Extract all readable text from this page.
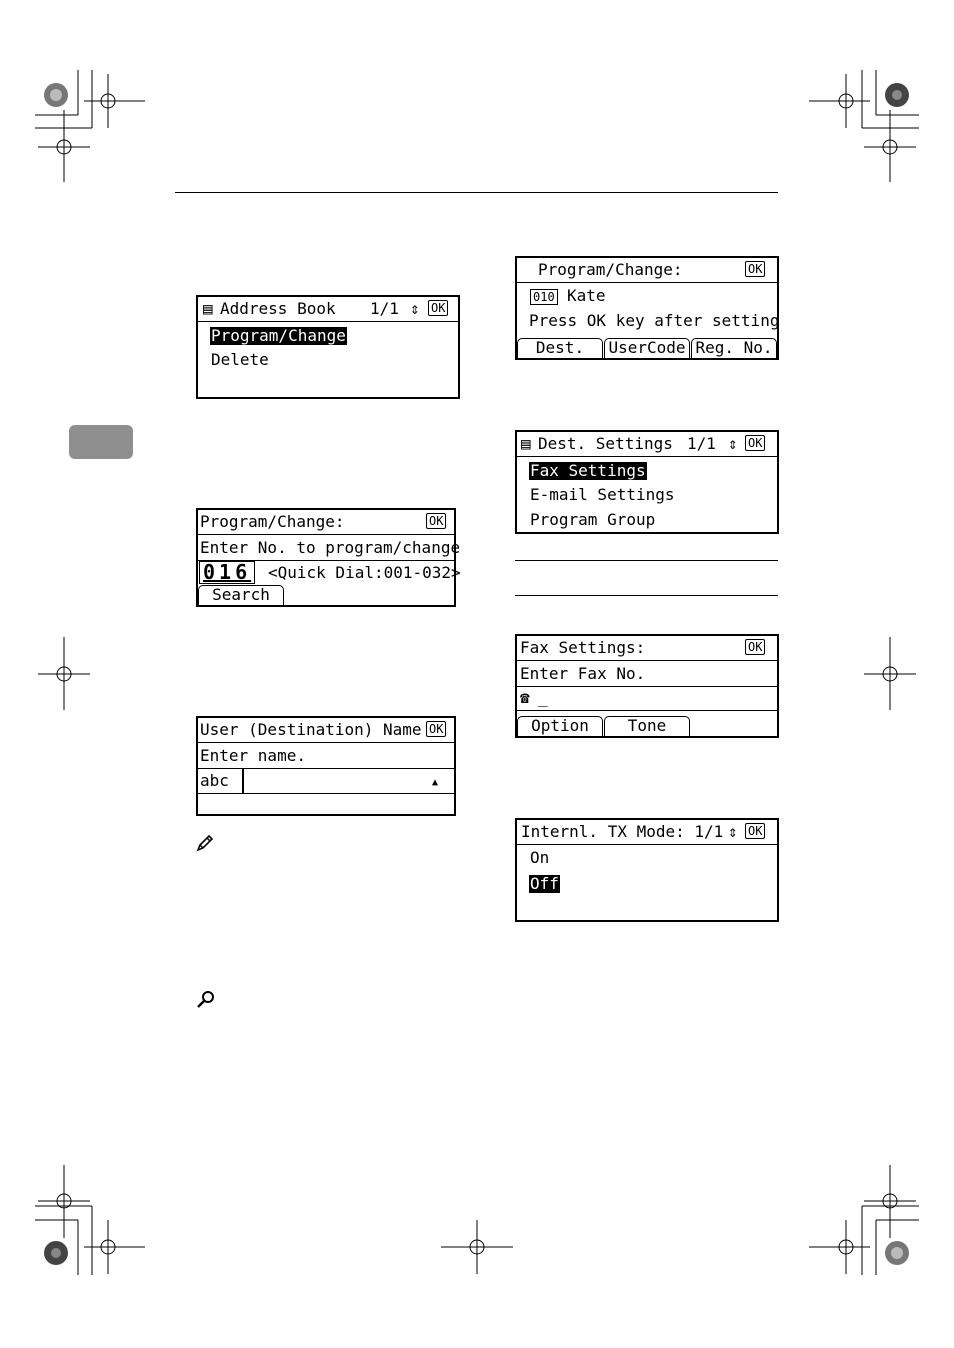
▤ Address Book 1/1 ⇕ OK
Program/Change
Delete
Program/Change:	OK
Enter No. to program/change
016 <Quick Dial:001-032>
Search
User (Destination) Name OK
Enter name.
abc	▲
Program/Change:	OK
010 Kate
Press OK key after setting
Dest.	UserCode Reg. No.
▤ Dest. Settings 1/1 ⇕ OK
Fax Settings
E-mail Settings
Program Group
Fax Settings:	OK
Enter Fax No.
☎ _
Option	Tone
Internl. TX Mode: 1/1 ⇕ OK
On
Off
